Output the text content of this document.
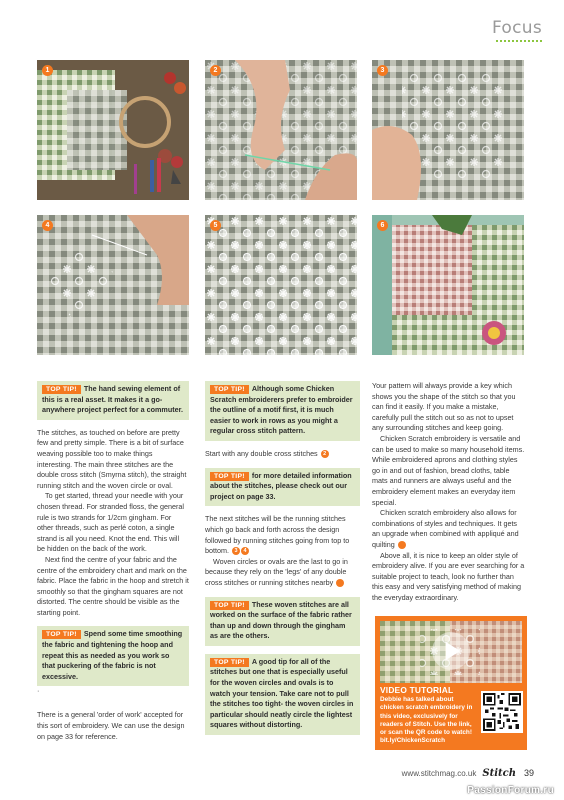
Focus
1	2	3
4	5	6
TOP TIP! The hand sewing element of this is a real asset. It makes it a go-anywhere project perfect for a commuter.

The stitches, as touched on before are pretty few and pretty simple. There is a bit of surface weaving possible too to make things interesting. The main three stitches are the double cross stitch (Smyrna stitch), the straight running stitch and the woven circle or oval.

To get started, thread your needle with your chosen thread. For stranded floss, the general rule is two strands for 1/2cm gingham. For other threads, such as perlé coton, a single strand is all you need. Knot the end. This will be hidden on the back of the work.

Next find the centre of your fabric and the centre of the embroidery chart and mark on the fabric. Place the fabric in the hoop and stretch it smoothly so that the gingham squares are not distorted. The centre should be visible as the starting point.

TOP TIP! Spend some time smoothing the fabric and tightening the hoop and repeat this as needed as you work so that puckering of the fabric is not excessive.

·

There is a general 'order of work' accepted for this sort of embroidery. We can use the design on page 33 for reference.

TOP TIP! Although some Chicken Scratch embroiderers prefer to embroider the outline of a motif first, it is much easier to work in rows as you might a regular cross stitch pattern.

Start with any double cross stitches 2

TOP TIP! for more detailed information about the stitches, please check out our project on page 33.

The next stitches will be the running stitches which go back and forth across the design followed by running stitches going from top to bottom. 3 4

Woven circles or ovals are the last to go in because they rely on the 'legs' of any double cross stitches or running stitches nearby 5

TOP TIP! These woven stitches are all worked on the surface of the fabric rather than up and down through the gingham as are the others.
TOP TIP! A good tip for all of the stitches but one that is especially useful for the woven circles and ovals is to watch your tension. Take care not to pull the stitches too tight- the woven circles in particular should neatly circle the lightest squares without distorting.

Your pattern will always provide a key which shows you the shape of the stitch so that you can find it easily. If you make a mistake, carefully pull the stitch out so as not to upset any surrounding stitches and keep going.

Chicken Scratch embroidery is versatile and can be used to make so many household items. While embroidered aprons and clothing styles go in and out of fashion, bread cloths, table mats and runners are always useful and the embroidery element makes an everyday item special.

Chicken scratch embroidery also allows for combinations of styles and techniques. It gets an upgrade when combined with appliqué and quilting 6

Above all, it is nice to keep an older style of embroidery alive. If you are ever searching for a suitable project to teach, look no further than this easy and very satisfying method of making the everyday extraordinary.

VIDEO TUTORIAL
Debbie has talked about chicken scratch embroidery in this video, exclusively for readers of Stitch. Use the link, or scan the QR code to watch! bit.ly/ChickenScratch
www.stitchmag.co.uk Stitch 39
PassionForum.ru
